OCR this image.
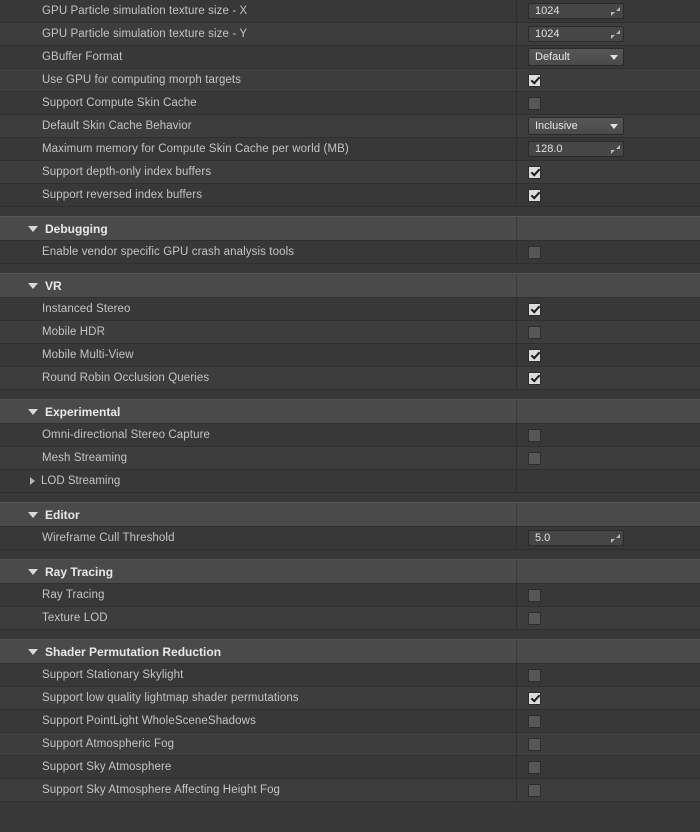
GPU Particle simulation texture size - X	1024
GPU Particle simulation texture size - Y	1024
GBuffer Format	Default
Use GPU for computing morph targets
Support Compute Skin Cache
Default Skin Cache Behavior	Inclusive
Maximum memory for Compute Skin Cache per world (MB)	128.0
Support depth-only index buffers
Support reversed index buffers
Debugging
Enable vendor specific GPU crash analysis tools
VR
Instanced Stereo
Mobile HDR
Mobile Multi-View
Round Robin Occlusion Queries
Experimental
Omni-directional Stereo Capture
Mesh Streaming
LOD Streaming
Editor
Wireframe Cull Threshold	5.0
Ray Tracing
Ray Tracing
Texture LOD
Shader Permutation Reduction
Support Stationary Skylight
Support low quality lightmap shader permutations
Support PointLight WholeSceneShadows
Support Atmospheric Fog
Support Sky Atmosphere
Support Sky Atmosphere Affecting Height Fog
